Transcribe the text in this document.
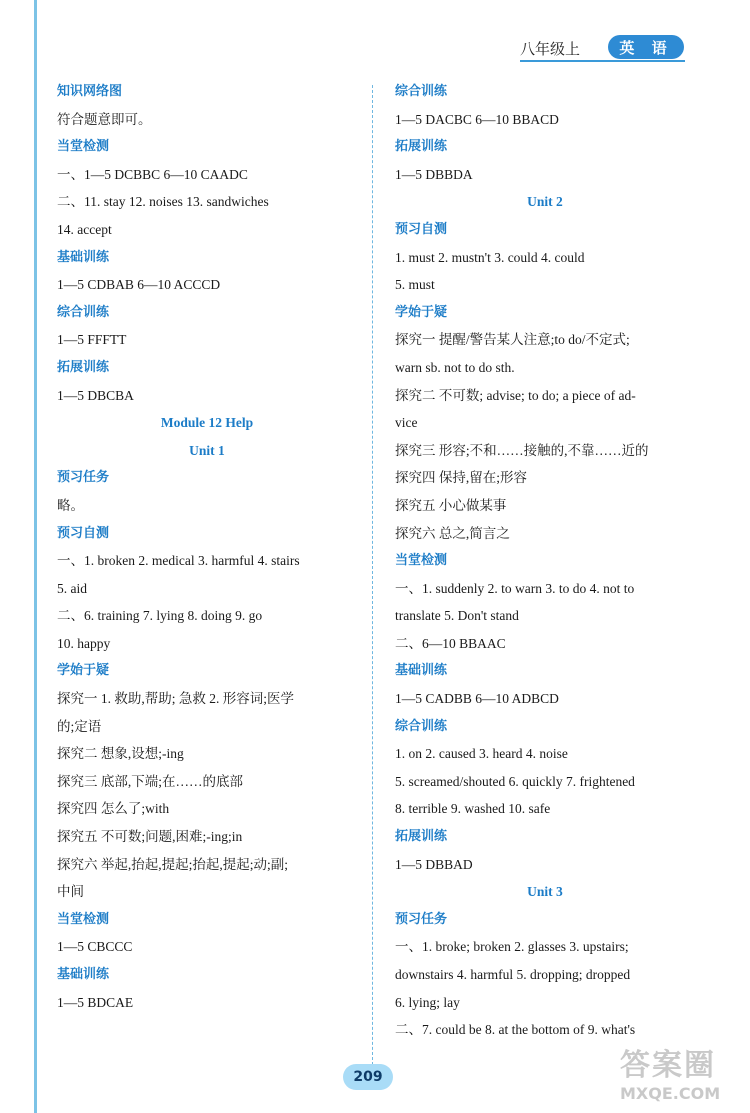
八年级上	英 语
知识网络图
符合题意即可。
当堂检测
一、1—5 DCBBC 6—10 CAADC
二、11. stay 12. noises 13. sandwiches
14. accept
基础训练
1—5 CDBAB 6—10 ACCCD
综合训练
1—5 FFFTT
拓展训练
1—5 DBCBA
Module 12 Help
Unit 1
预习任务
略。
预习自测
一、1. broken 2. medical 3. harmful 4. stairs
5. aid
二、6. training 7. lying 8. doing 9. go
10. happy
学始于疑
探究一 1. 救助,帮助; 急救 2. 形容词;医学
的;定语
探究二 想象,设想;-ing
探究三 底部,下端;在……的底部
探究四 怎么了;with
探究五 不可数;问题,困难;-ing;in
探究六 举起,抬起,提起;抬起,提起;动;副;
中间
当堂检测
1—5 CBCCC
基础训练
1—5 BDCAE
综合训练
1—5 DACBC 6—10 BBACD
拓展训练
1—5 DBBDA
Unit 2
预习自测
1. must 2. mustn't 3. could 4. could
5. must
学始于疑
探究一 提醒/警告某人注意;to do/不定式;
warn sb. not to do sth.
探究二 不可数; advise; to do; a piece of ad-
vice
探究三 形容;不和……接触的,不靠……近的
探究四 保持,留在;形容
探究五 小心做某事
探究六 总之,简言之
当堂检测
一、1. suddenly 2. to warn 3. to do 4. not to
translate 5. Don't stand
二、6—10 BBAAC
基础训练
1—5 CADBB 6—10 ADBCD
综合训练
1. on 2. caused 3. heard 4. noise
5. screamed/shouted 6. quickly 7. frightened
8. terrible 9. washed 10. safe
拓展训练
1—5 DBBAD
Unit 3
预习任务
一、1. broke; broken 2. glasses 3. upstairs;
downstairs 4. harmful 5. dropping; dropped
6. lying; lay
二、7. could be 8. at the bottom of 9. what's
209	答案圈
MXQE.COM
